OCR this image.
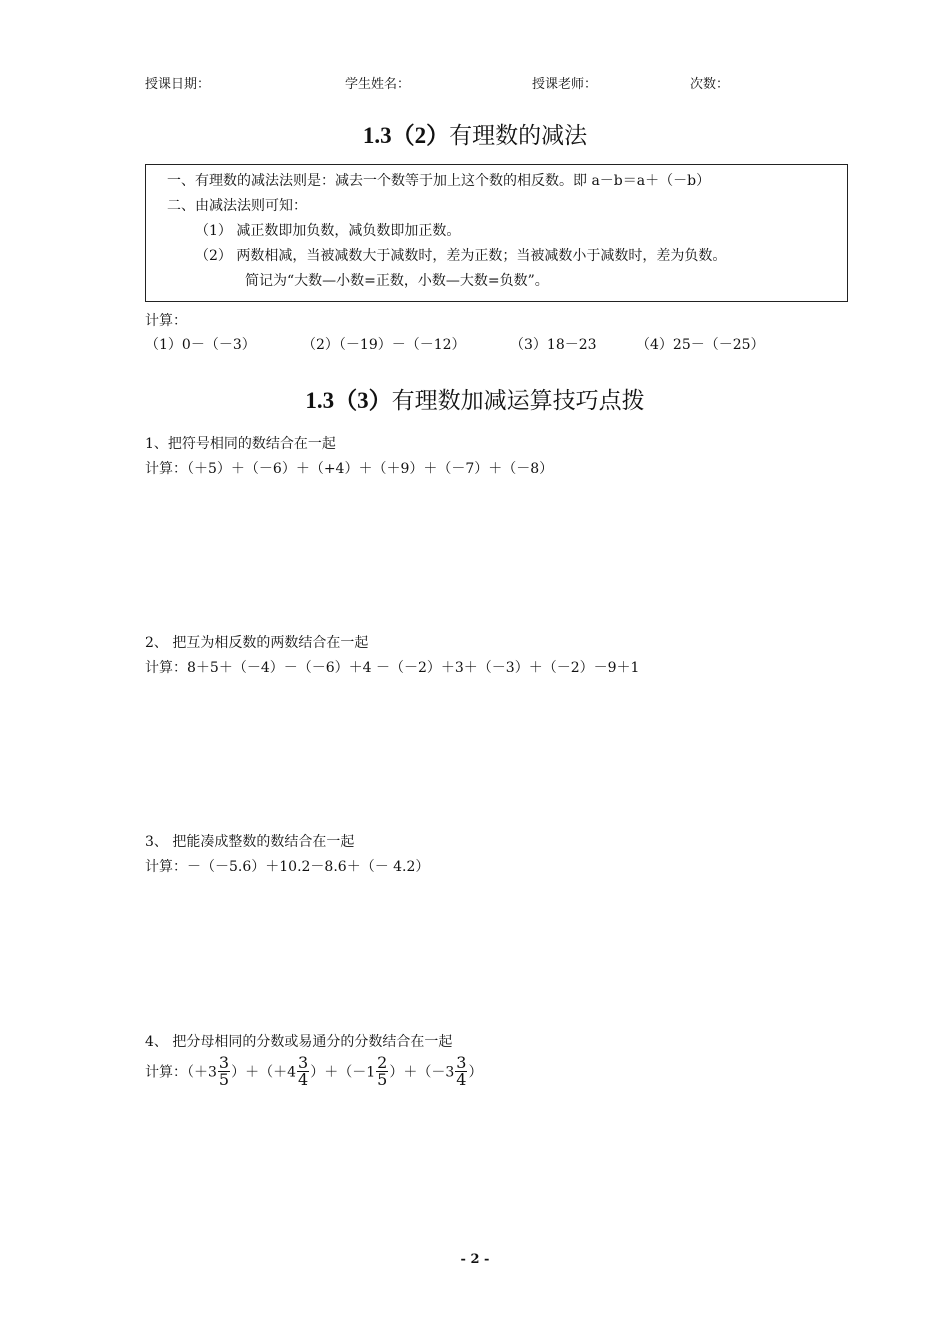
授课日期：	学生姓名：	授课老师：	次数：
1.3（2）有理数的减法
一、有理数的减法法则是：减去一个数等于加上这个数的相反数。即 a－b＝a＋（－b）
二、由减法法则可知：
（1） 减正数即加负数，减负数即加正数。
（2） 两数相减，当被减数大于减数时，差为正数；当被减数小于减数时，差为负数。
简记为“大数—小数=正数，小数—大数=负数”。
计算：
（1）0－（－3）	（2）（－19）－（－12）	（3）18－23	（4）25－（－25）
1.3（3）有理数加减运算技巧点拨
1、把符号相同的数结合在一起
计算：（＋5）＋（－6）＋（+4）＋（＋9）＋（－7）＋（－8）
2、 把互为相反数的两数结合在一起
计算：8＋5＋（－4）－（－6）＋4 －（－2）＋3＋（－3）＋（－2）－9＋1
3、 把能凑成整数的数结合在一起
计算：－（－5.6）＋10.2－8.6＋（－ 4.2）
4、 把分母相同的分数或易通分的分数结合在一起
计算：$(+3 \frac{3}{5} )+(+4 \frac{3}{4} )+(-1 \frac{2}{5} )+(-3 \frac{3}{4}$ ）
- 2 -
